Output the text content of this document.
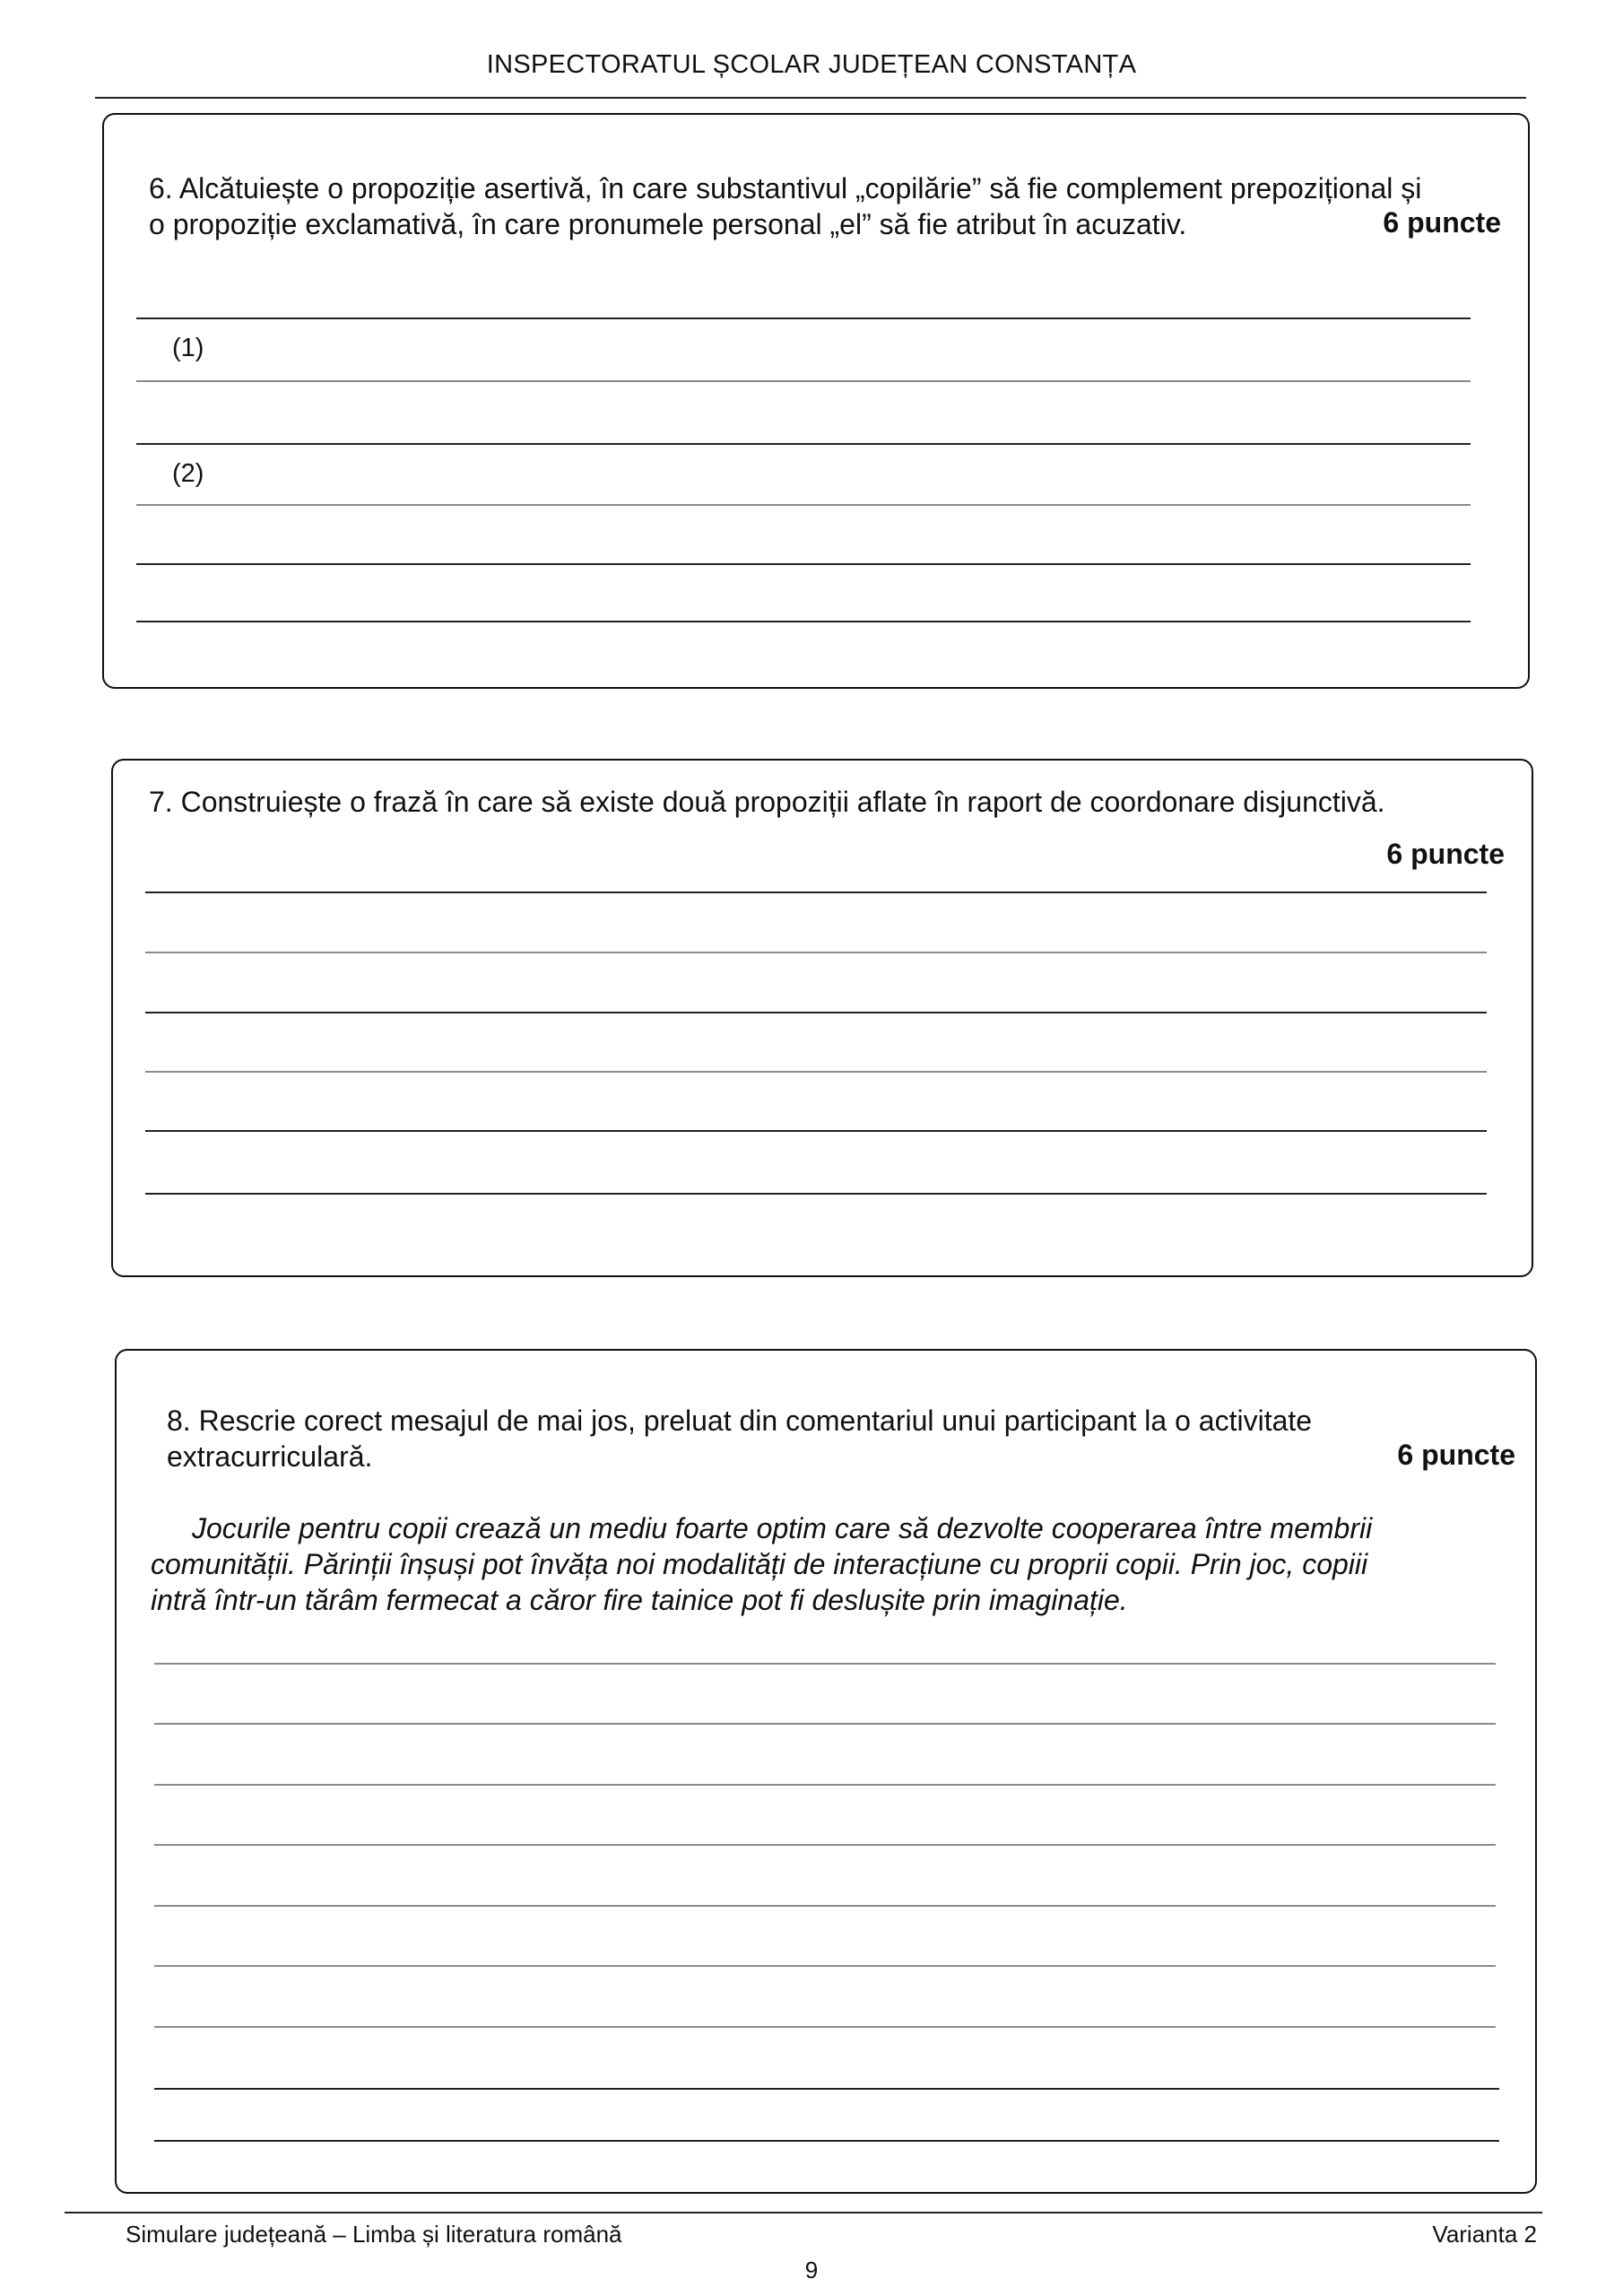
INSPECTORATUL ȘCOLAR JUDEȚEAN CONSTANȚA
6. Alcătuiește o propoziție asertivă, în care substantivul „copilărie” să fie complement prepozițional și
o propoziție exclamativă, în care pronumele personal „el” să fie atribut în acuzativ.	6 puncte
(1)
(2)
7. Construiește o frază în care să existe două propoziții aflate în raport de coordonare disjunctivă.
6 puncte
8. Rescrie corect mesajul de mai jos, preluat din comentariul unui participant la o activitate
extracurriculară.	6 puncte
Jocurile pentru copii crează un mediu foarte optim care să dezvolte cooperarea între membrii
comunității. Părinții înșuși pot învăța noi modalități de interacțiune cu proprii copii. Prin joc, copiii
intră într-un tărâm fermecat a căror fire tainice pot fi deslușite prin imaginație.
Simulare județeană – Limba și literatura română	Varianta 2
9
